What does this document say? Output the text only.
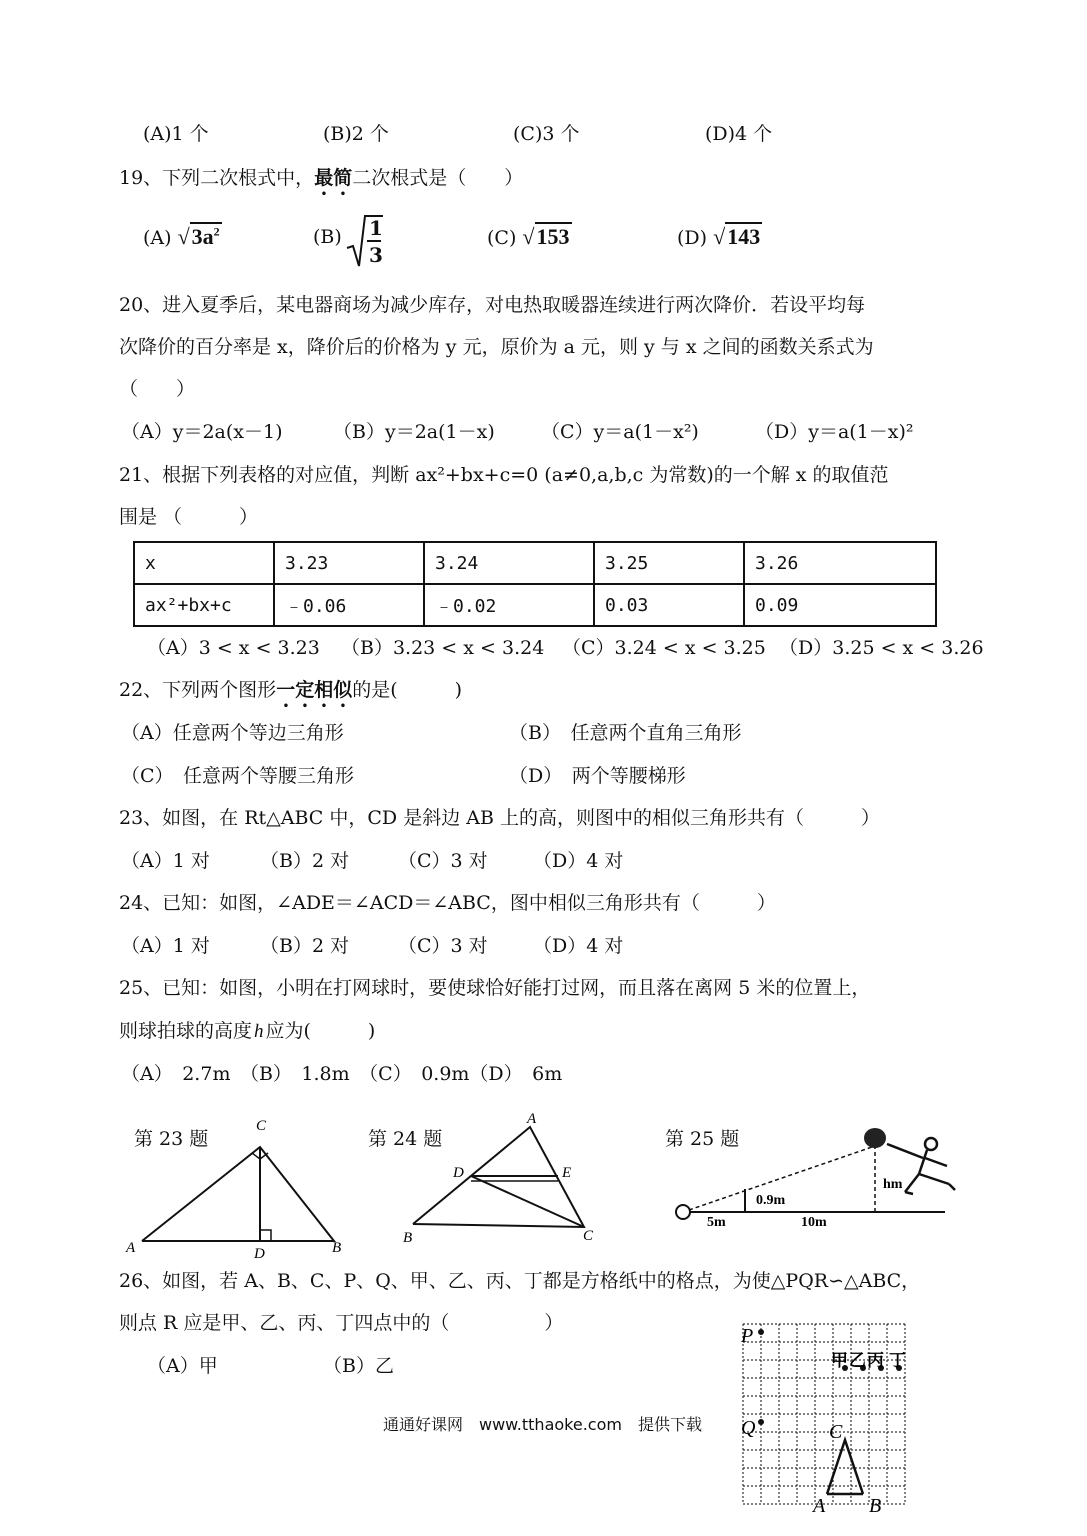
(A)1 个	(B)2 个	(C)3 个	(D)4 个
19、下列二次根式中，最简二次根式是（　　）
(A) $√3a^2$	(B) 1
3
(C) √153	(D) √143
20、进入夏季后，某电器商场为减少库存，对电热取暖器连续进行两次降价．若设平均每
次降价的百分率是 x，降价后的价格为 y 元，原价为 a 元，则 y 与 x 之间的函数关系式为
（　　）
（A）y＝2a(x－1)	（B）y＝2a(1－x) （C）y＝a(1－x²)	（D）y＝a(1－x)²
21、根据下列表格的对应值，判断 ax²+bx+c=0 (a≠0,a,b,c 为常数)的一个解 x 的取值范
围是 （　　　）
x	3.23	3.24	3.25	3.26
ax²+bx+c	﹣0.06	﹣0.02	0.03	0.09
（A）3 < x < 3.23 （B）3.23 < x < 3.24 （C）3.24 < x < 3.25 （D）3.25 < x < 3.26
22、下列两个图形一定相似的是(　　　)
（A）任意两个等边三角形	（B）　任意两个直角三角形
（C）　任意两个等腰三角形	（D）　两个等腰梯形
23、如图，在 Rt△ABC 中，CD 是斜边 AB 上的高，则图中的相似三角形共有（　　　）
（A）1 对	（B）2 对	（C）3 对 （D）4 对
24、已知：如图，∠ADE＝∠ACD＝∠ABC，图中相似三角形共有（　　　）
（A）1 对	（B）2 对	（C）3 对 （D）4 对
25、已知：如图，小明在打网球时，要使球恰好能打过网，而且落在离网 5 米的位置上，
则球拍球的高度 h 应为(　　　)
（A）　2.7m　（B）　1.8m　（C）　0.9m（D）　6m
第 23 题
C
A	B
D
第 24 题
A
D	E
B	C
第 25 题
0.9m
hm
5m	10m
26、如图，若 A、B、C、P、Q、甲、乙、丙、丁都是方格纸中的格点，为使△PQR∽△ABC，
则点 R 应是甲、乙、丙、丁四点中的（　　　　　）
（A）甲	（B）乙
P
Q	C
A B
甲 乙 丙 丁
通通好课网　www.tthaoke.com　提供下载
